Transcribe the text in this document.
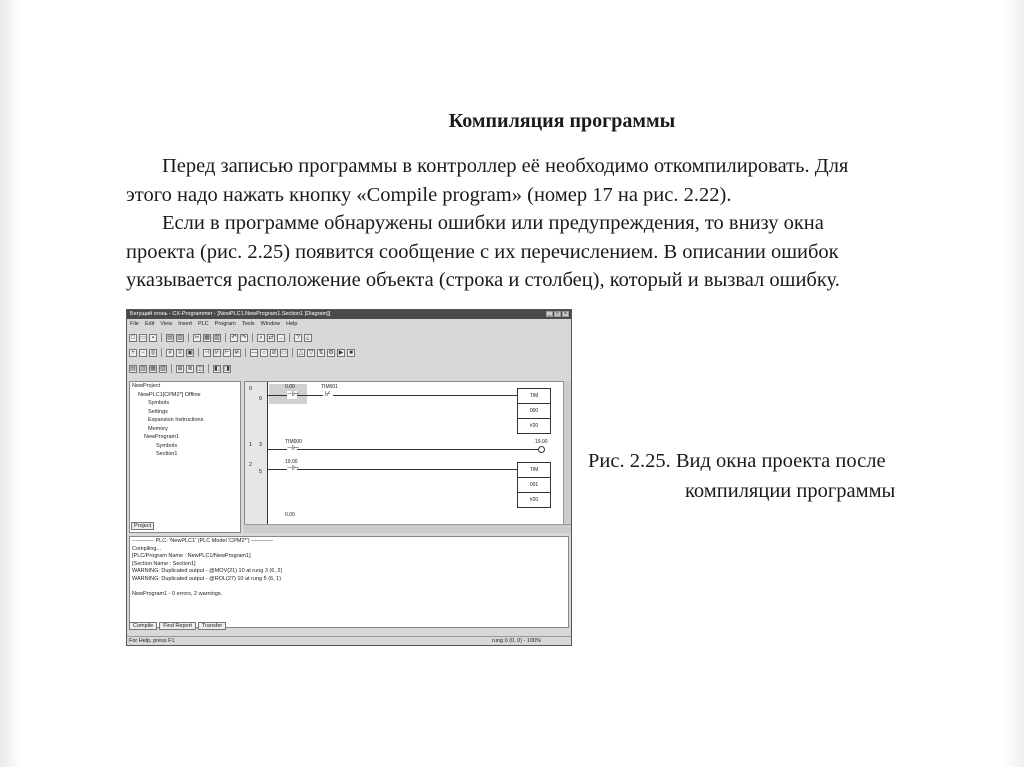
Компиляция программы

Перед записью программы в контроллер её необходимо откомпилировать. Для

этого надо нажать кнопку «Compile program» (номер 17 на рис. 2.22).

Если в программе обнаружены ошибки или предупреждения, то внизу окна

проекта (рис. 2.25) появится сообщение с их перечислением. В описании ошибок

указывается расположение объекта (строка и столбец), который и вызвал ошибку.

Бегущий огонь - CX-Programmer - [NewPLC1.NewProgram1.Section1 [Diagram]]	_	□	×
File Edit View Insert PLC Program Tools Window Help
□ ▭	▪	▤ ▥ ✂ ▦ ▧ ↶ ↷	⌕ ⇄ →	?	¿
+	− ◎	#	≡ ▣ ⊣ ⊬ ⊢ ⊭ — ○ ⊘ ▭ △ ▽ ⇅ ⚙ ▶ ■
▤ ▥ ▦ ▧ ⊞ ≣ ◫ ◧ ◨
NewProject
NewPLC1[CPM2*] Offline
Symbols
Settings
Expansion Instructions
Memory
NewProgram1
Symbols
Section1
Project
0
0
1 3
2
5
0.00	TIM001
⊣⊢	⊬	TIM
000
#20
TIM000	19.00
⊣⊢
19.00
⊣⊢	TIM
001
#20
0.00
------------ PLC: 'NewPLC1' (PLC Model 'CPM2*') ------------
Compiling...
[PLC/Program Name : NewPLC1/NewProgram1]
[Section Name : Section1]
WARNING: Duplicated output - @MOV(21) 10 at rung 3 (6, 2)
WARNING: Duplicated output - @ROL(27) 10 at rung 5 (6, 1)
NewProgram1 - 0 errors, 2 warnings.
Compile	Find Report	Transfer
For Help, press F1	rung 0 (0, 0) - 100%
Рис. 2.25. Вид окна проекта после
компиляции программы
